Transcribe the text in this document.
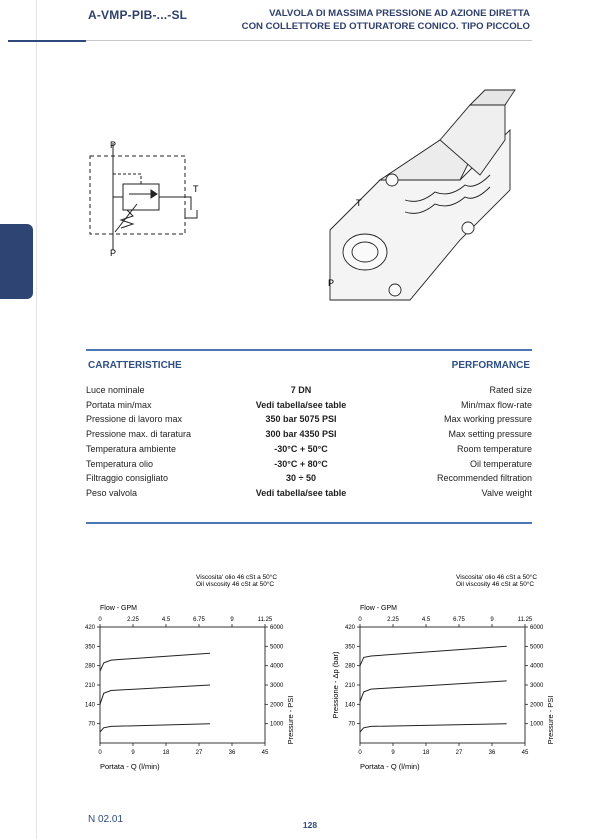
A-VMP-PIB-...-SL	VALVOLA DI MASSIMA PRESSIONE AD AZIONE DIRETTA
CON COLLETTORE ED OTTURATORE CONICO. TIPO PICCOLO
P
P
T
T
P
CARATTERISTICHE	PERFORMANCE
Luce nominale	7 DN	Rated size
Portata min/max	Vedi tabella/see table	Min/max flow-rate
Pressione di lavoro max	350 bar 5075 PSI	Max working pressure
Pressione max. di taratura	300 bar 4350 PSI	Max setting pressure
Temperatura ambiente	-30°C + 50°C	Room temperature
Temperatura olio	-30°C + 80°C	Oil temperature
Filtraggio consigliato	30 ÷ 50	Recommended filtration
Peso valvola	Vedi tabella/see table	Valve weight
Viscosita' olio 46 cSt a 50°C
Oil viscosity 46 cSt at 50°C
Flow - GPM
0	2.25	4.5	6.75	9	11.25
0	9	18	27	36	45
70
140
210
280
350
420
1000
2000
3000
4000
5000
6000
Portata - Q (l/min)
Pressure - PSI
Viscosita' olio 46 cSt a 50°C
Oil viscosity 46 cSt at 50°C
Flow - GPM
0	2.25	4.5	6.75	9	11.25
0	9	18	27	36	45
70
140
210
280
350
420
1000
2000
3000
4000
5000
6000
Portata - Q (l/min)
Pressione - Δp (bar)
Pressure - PSI
N 02.01	128
